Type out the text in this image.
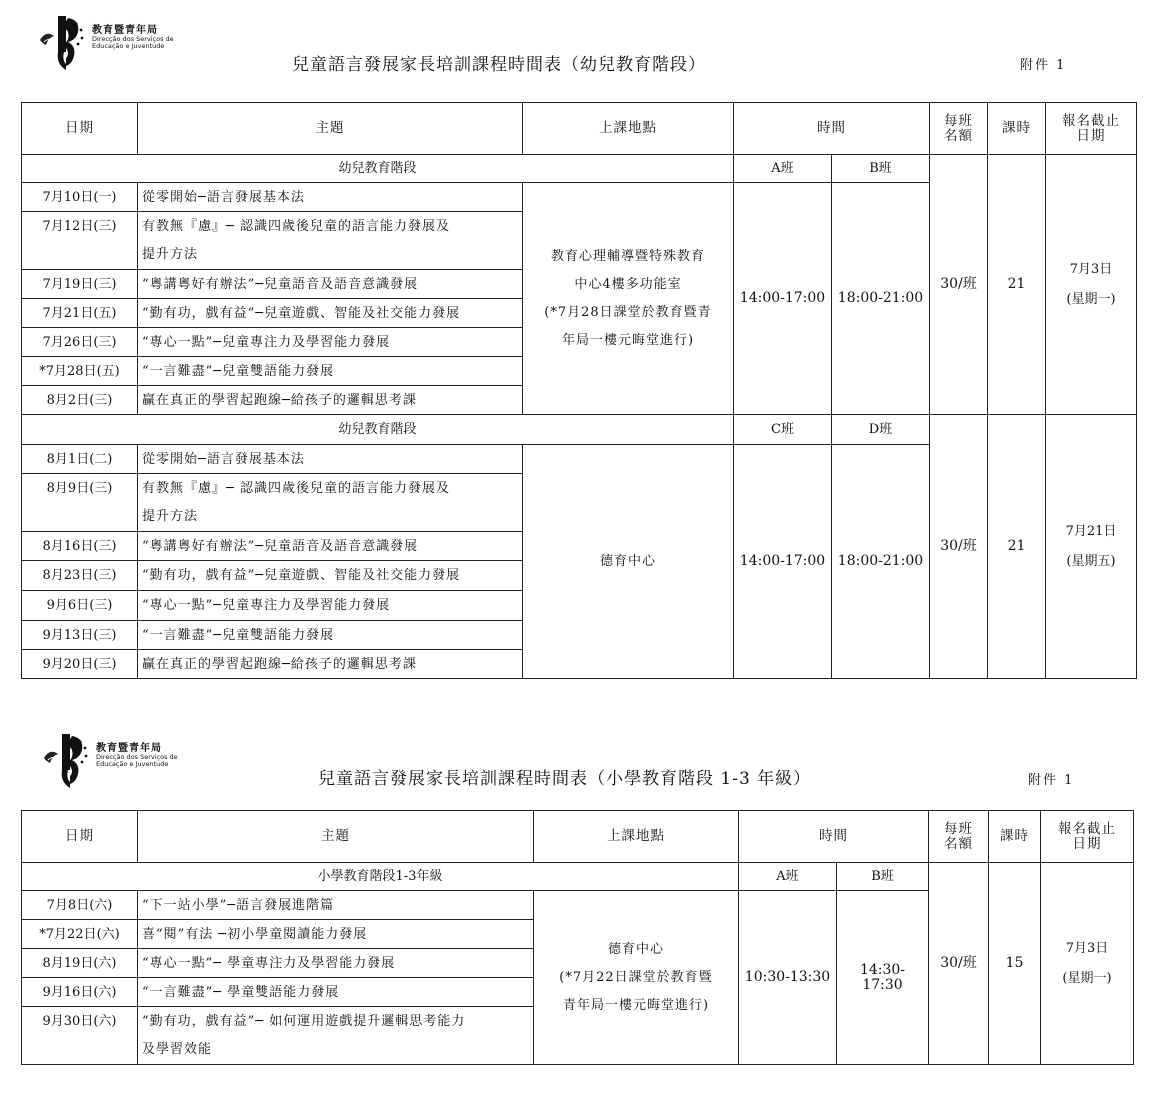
教育暨青年局
Direcção dos Serviços de
Educação e Juventude
兒童語言發展家長培訓課程時間表（幼兒教育階段）	附件 1
日期	主題	上課地點	時間		每班
名額	課時	報名截止
日期
幼兒教育階段			A班	B班	30/班	21	7月3日
(星期一)
7月10日(一)	從零開始─語言發展基本法	教育心理輔導暨特殊教育
中心4樓多功能室
(*7月28日課堂於教育暨青
年局一樓元晦堂進行)	14:00-17:00	18:00-21:00			
7月12日(三)	有教無『慮』─ 認識四歲後兒童的語言能力發展及						
	提升方法						
7月19日(三)	“粵講粵好有辦法”─兒童語音及語音意識發展						
7月21日(五)	“勤有功，戲有益”─兒童遊戲、智能及社交能力發展						
7月26日(三)	“專心一點”─兒童專注力及學習能力發展						
*7月28日(五)	“一言難盡”─兒童雙語能力發展						
8月2日(三)	贏在真正的學習起跑線─給孩子的邏輯思考課						
幼兒教育階段			C班	D班	30/班	21	7月21日
(星期五)
8月1日(二)	從零開始─語言發展基本法	德育中心	14:00-17:00	18:00-21:00			
8月9日(三)	有教無『慮』─ 認識四歲後兒童的語言能力發展及						
	提升方法						
8月16日(三)	“粵講粵好有辦法”─兒童語音及語音意識發展						
8月23日(三)	“勤有功，戲有益”─兒童遊戲、智能及社交能力發展						
9月6日(三)	“專心一點”─兒童專注力及學習能力發展						
9月13日(三)	“一言難盡”─兒童雙語能力發展						
9月20日(三)	贏在真正的學習起跑線─給孩子的邏輯思考課						
教育暨青年局
Direcção dos Serviços de
Educação e Juventude
兒童語言發展家長培訓課程時間表（小學教育階段 1-3 年級）	附件 1
日期	主題	上課地點	時間		每班
名額	課時	報名截止
日期
小學教育階段1-3年級			A班	B班	30/班	15	7月3日
(星期一)
7月8日(六)	“下一站小學”─語言發展進階篇	德育中心
(*7月22日課堂於教育暨
青年局一樓元晦堂進行)	10:30-13:30	14:30-17:30			
*7月22日(六)	喜“閱”有法 ─初小學童閱讀能力發展						
8月19日(六)	“專心一點”─ 學童專注力及學習能力發展						
9月16日(六)	“一言難盡”─ 學童雙語能力發展						
9月30日(六)	“勤有功，戲有益”─ 如何運用遊戲提升邏輯思考能力						
	及學習效能						
